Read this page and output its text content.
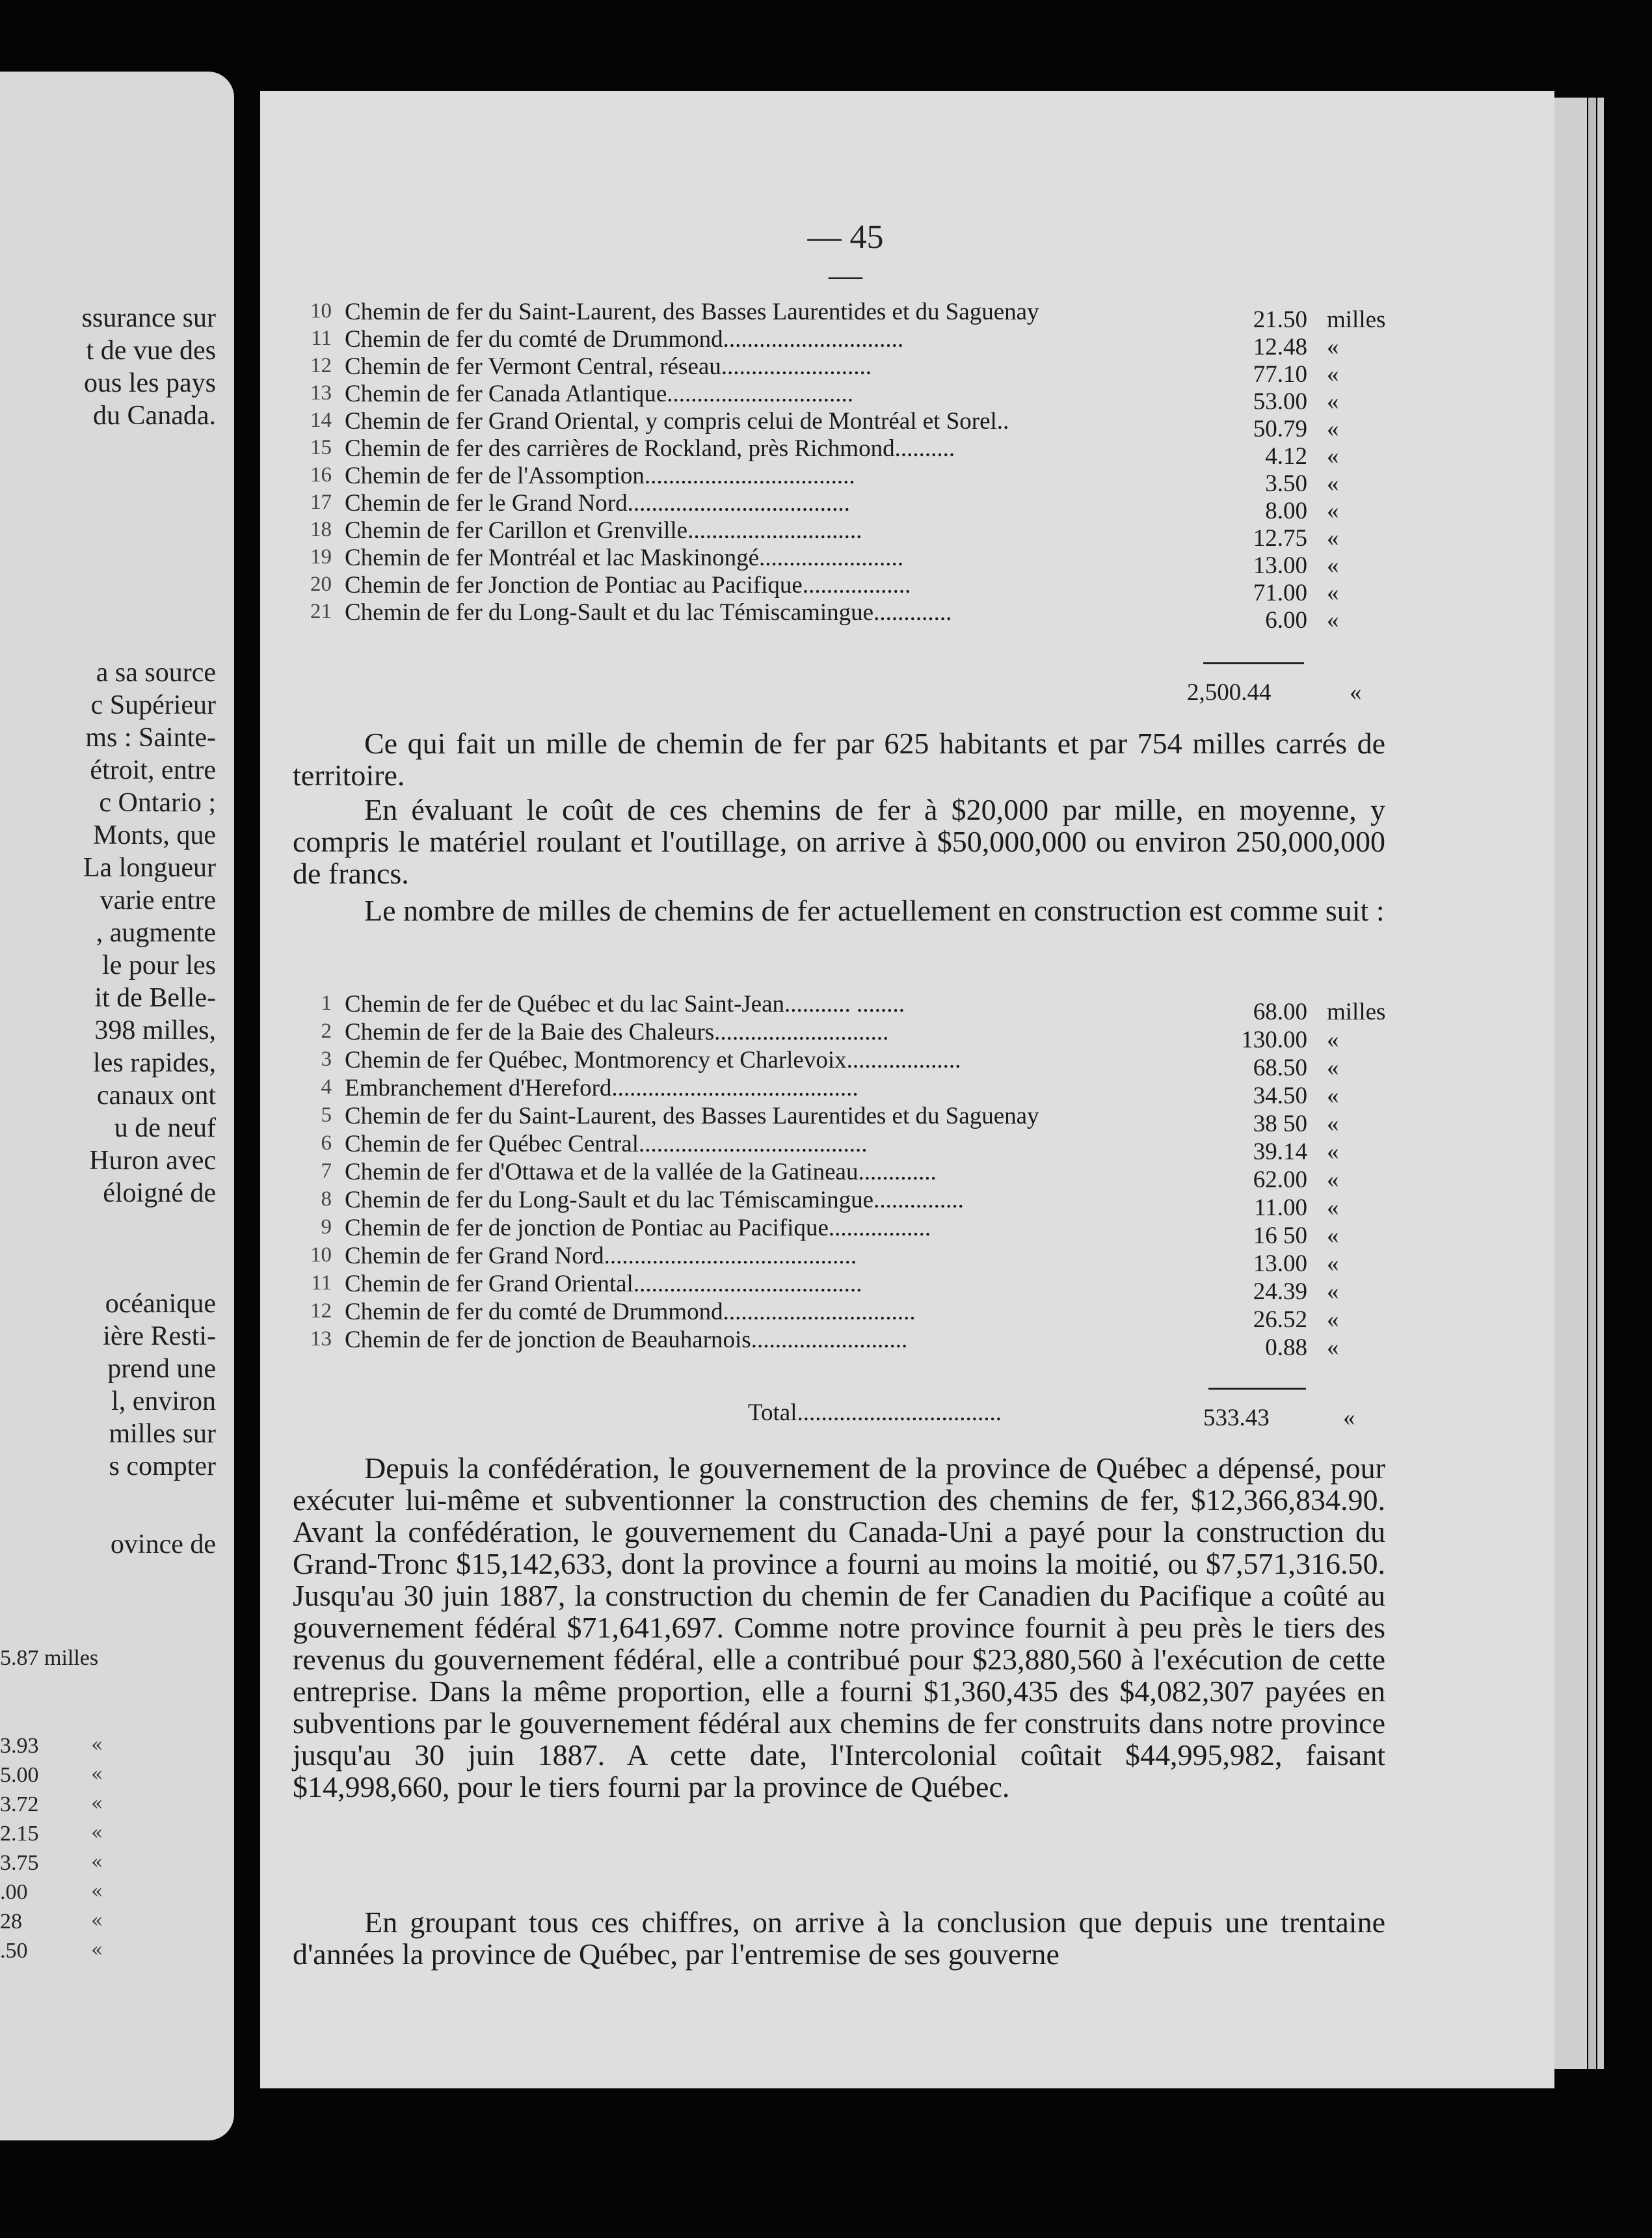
ssurance sur
t de vue des
ous les pays
du Canada.
a sa source
c Supérieur
ms : Sainte-
étroit, entre
c Ontario ;
Monts, que
La longueur
varie entre
, augmente
le pour les
it de Belle-
398 milles,
les rapides,
canaux ont
u de neuf
Huron avec
éloigné de
océanique
ière Resti-
prend une
l, environ
milles sur
s compter
ovince de
5.87 milles
3.93	«
5.00	«
3.72	«
2.15	«
3.75	«
.00	«
28	«
.50	«
— 45 —
10 Chemin de fer du Saint-Laurent, des Basses Laurentides et du Saguenay	21.50 milles
11 Chemin de fer du comté de Drummond..............................	12.48 «
12 Chemin de fer Vermont Central, réseau.........................	77.10 «
13 Chemin de fer Canada Atlantique...............................	53.00 «
14 Chemin de fer Grand Oriental, y compris celui de Montréal et Sorel..	50.79 «
15 Chemin de fer des carrières de Rockland, près Richmond..........	4.12 «
16 Chemin de fer de l'Assomption...................................	3.50 «
17 Chemin de fer le Grand Nord.....................................	8.00 «
18 Chemin de fer Carillon et Grenville.............................	12.75 «
19 Chemin de fer Montréal et lac Maskinongé........................	13.00 «
20 Chemin de fer Jonction de Pontiac au Pacifique..................	71.00 «
21 Chemin de fer du Long-Sault et du lac Témiscamingue.............	6.00 «
2,500.44	«

Ce qui fait un mille de chemin de fer par 625 habitants et par 754 milles carrés de territoire.

En évaluant le coût de ces chemins de fer à $20,000 par mille, en moyenne, y compris le matériel roulant et l'outillage, on arrive à $50,000,000 ou environ 250,000,000 de francs.

Le nombre de milles de chemins de fer actuellement en construction est comme suit :

1 Chemin de fer de Québec et du lac Saint-Jean........... ........	68.00 milles
2 Chemin de fer de la Baie des Chaleurs.............................	130.00 «
3 Chemin de fer Québec, Montmorency et Charlevoix...................	68.50 «
4 Embranchement d'Hereford.........................................	34.50 «
5 Chemin de fer du Saint-Laurent, des Basses Laurentides et du Saguenay	38 50 «
6 Chemin de fer Québec Central......................................	39.14 «
7 Chemin de fer d'Ottawa et de la vallée de la Gatineau.............	62.00 «
8 Chemin de fer du Long-Sault et du lac Témiscamingue...............	11.00 «
9 Chemin de fer de jonction de Pontiac au Pacifique.................	16 50 «
10 Chemin de fer Grand Nord..........................................	13.00 «
11 Chemin de fer Grand Oriental......................................	24.39 «
12 Chemin de fer du comté de Drummond................................	26.52 «
13 Chemin de fer de jonction de Beauharnois..........................	0.88 «
Total..................................	533.43	«

Depuis la confédération, le gouvernement de la province de Québec a dépensé, pour exécuter lui-même et subventionner la construction des chemins de fer, $12,366,834.90. Avant la confédération, le gouvernement du Canada-Uni a payé pour la construction du Grand-Tronc $15,142,633, dont la province a fourni au moins la moitié, ou $7,571,316.50. Jusqu'au 30 juin 1887, la construction du chemin de fer Canadien du Pacifique a coûté au gouvernement fédéral $71,641,697. Comme notre province fournit à peu près le tiers des revenus du gouvernement fédéral, elle a contribué pour $23,880,560 à l'exécution de cette entreprise. Dans la même proportion, elle a fourni $1,360,435 des $4,082,307 payées en subventions par le gouvernement fédéral aux chemins de fer construits dans notre province jusqu'au 30 juin 1887. A cette date, l'Intercolonial coûtait $44,995,982, faisant $14,998,660, pour le tiers fourni par la province de Québec.

En groupant tous ces chiffres, on arrive à la conclusion que depuis une trentaine d'années la province de Québec, par l'entremise de ses gouverne
